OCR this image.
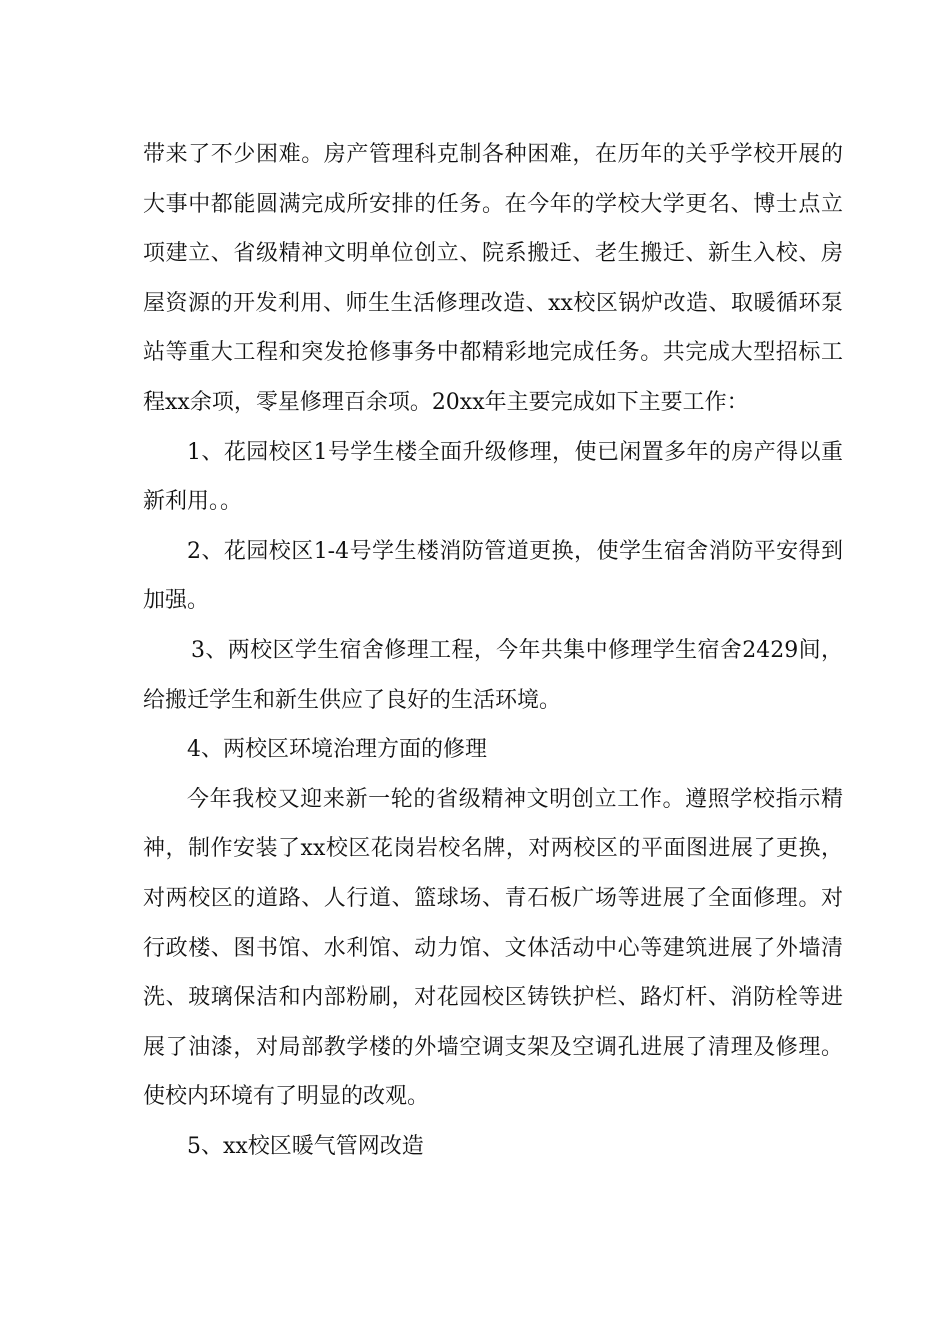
带来了不少困难。房产管理科克制各种困难，在历年的关乎学校开展的大事中都能圆满完成所安排的任务。在今年的学校大学更名、博士点立项建立、省级精神文明单位创立、院系搬迁、老生搬迁、新生入校、房屋资源的开发利用、师生生活修理改造、xx校区锅炉改造、取暖循环泵站等重大工程和突发抢修事务中都精彩地完成任务。共完成大型招标工程xx余项，零星修理百余项。20xx年主要完成如下主要工作：

1、花园校区1号学生楼全面升级修理，使已闲置多年的房产得以重新利用。。

2、花园校区1-4号学生楼消防管道更换，使学生宿舍消防平安得到加强。

3、两校区学生宿舍修理工程，今年共集中修理学生宿舍2429间，给搬迁学生和新生供应了良好的生活环境。

4、两校区环境治理方面的修理

今年我校又迎来新一轮的省级精神文明创立工作。遵照学校指示精神，制作安装了xx校区花岗岩校名牌，对两校区的平面图进展了更换，对两校区的道路、人行道、篮球场、青石板广场等进展了全面修理。对行政楼、图书馆、水利馆、动力馆、文体活动中心等建筑进展了外墙清洗、玻璃保洁和内部粉刷，对花园校区铸铁护栏、路灯杆、消防栓等进展了油漆，对局部教学楼的外墙空调支架及空调孔进展了清理及修理。使校内环境有了明显的改观。

5、xx校区暖气管网改造
